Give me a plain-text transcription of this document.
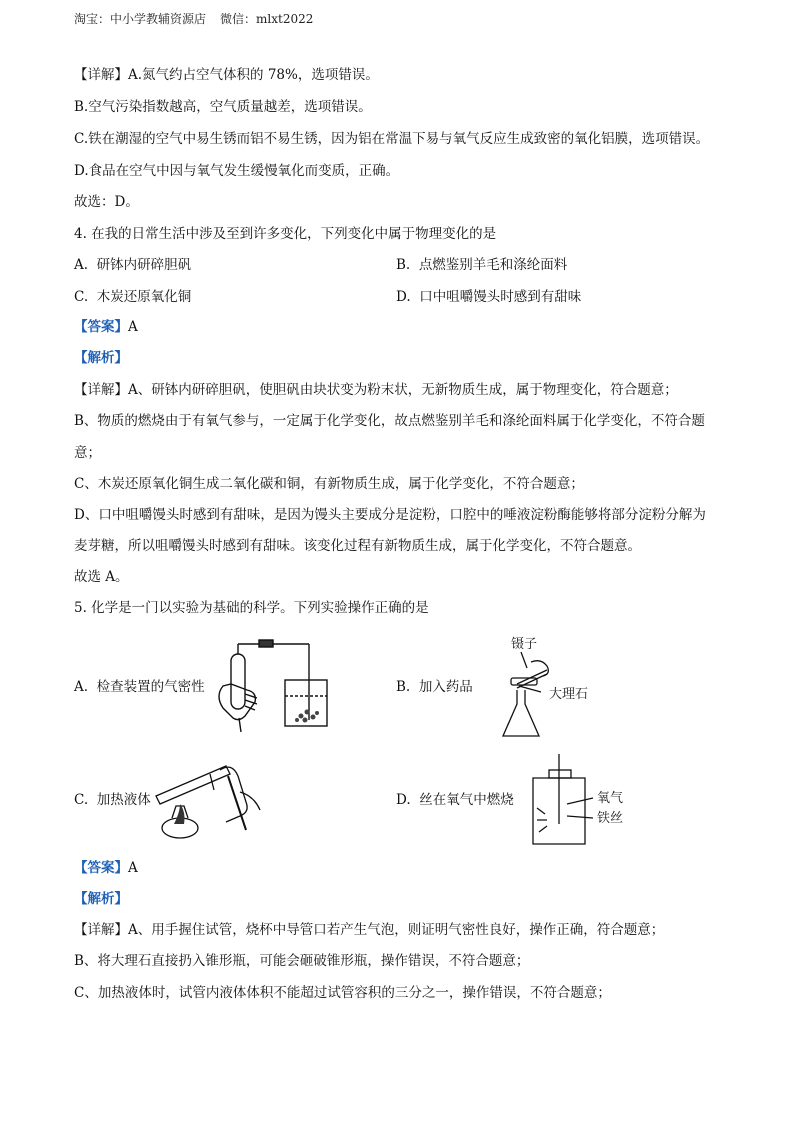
淘宝：中小学教辅资源店 微信：mlxt2022
【详解】A.氮气约占空气体积的 78%，选项错误。
B.空气污染指数越高，空气质量越差，选项错误。
C.铁在潮湿的空气中易生锈而铝不易生锈，因为铝在常温下易与氧气反应生成致密的氧化铝膜，选项错误。
D.食品在空气中因与氧气发生缓慢氧化而变质，正确。
故选：D。
4. 在我的日常生活中涉及至到许多变化，下列变化中属于物理变化的是
A. 研钵内研碎胆矾	B. 点燃鉴别羊毛和涤纶面料
C. 木炭还原氧化铜	D. 口中咀嚼馒头时感到有甜味
【答案】A
【解析】
【详解】A、研钵内研碎胆矾，使胆矾由块状变为粉末状，无新物质生成，属于物理变化，符合题意；
B、物质的燃烧由于有氧气参与，一定属于化学变化，故点燃鉴别羊毛和涤纶面料属于化学变化，不符合题
意；
C、木炭还原氧化铜生成二氧化碳和铜，有新物质生成，属于化学变化，不符合题意；
D、口中咀嚼馒头时感到有甜味，是因为馒头主要成分是淀粉，口腔中的唾液淀粉酶能够将部分淀粉分解为
麦芽糖，所以咀嚼馒头时感到有甜味。该变化过程有新物质生成，属于化学变化，不符合题意。
故选 A。
5. 化学是一门以实验为基础的科学。下列实验操作正确的是
A. 检查装置的气密性	B. 加入药品
C. 加热液体	D. 丝在氧气中燃烧
镊子
大理石
氧气
铁丝
【答案】A
【解析】
【详解】A、用手握住试管，烧杯中导管口若产生气泡，则证明气密性良好，操作正确，符合题意；
B、将大理石直接扔入锥形瓶，可能会砸破锥形瓶，操作错误，不符合题意；
C、加热液体时，试管内液体体积不能超过试管容积的三分之一，操作错误，不符合题意；
